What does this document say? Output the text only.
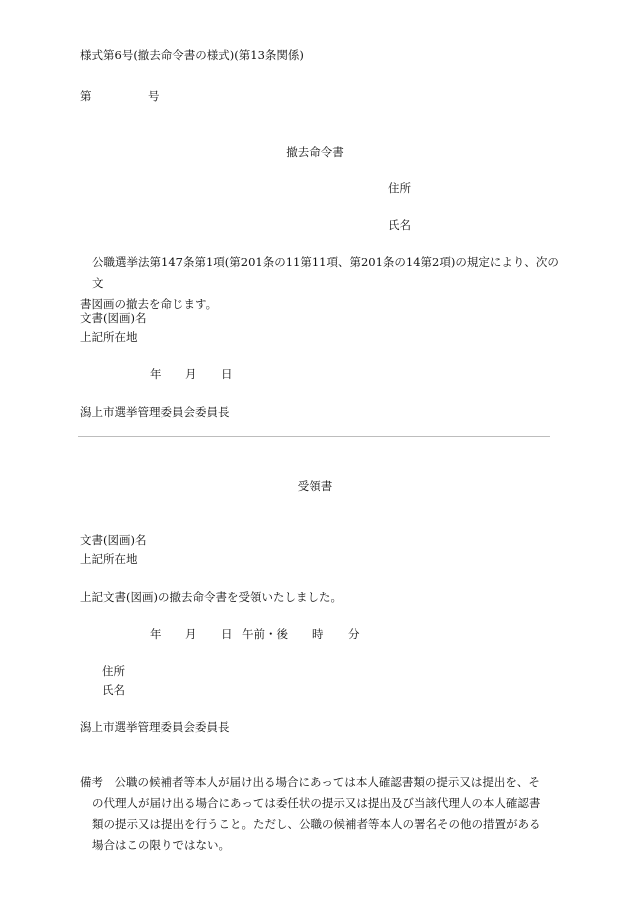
様式第6号(撤去命令書の様式)(第13条関係)
第	号
撤去命令書
住所
氏名

公職選挙法第147条第1項(第201条の11第11項、第201条の14第2項)の規定により、次の文

書図画の撤去を命じます。

文書(図画)名
上記所在地
年 月 日
潟上市選挙管理委員会委員長
受領書
文書(図画)名
上記所在地
上記文書(図画)の撤去命令書を受領いたしました。
年 月 日 午前・後 時 分
住所
氏名
潟上市選挙管理委員会委員長

備考　公職の候補者等本人が届け出る場合にあっては本人確認書類の提示又は提出を、そ

の代理人が届け出る場合にあっては委任状の提示又は提出及び当該代理人の本人確認書

類の提示又は提出を行うこと。ただし、公職の候補者等本人の署名その他の措置がある

場合はこの限りではない。
